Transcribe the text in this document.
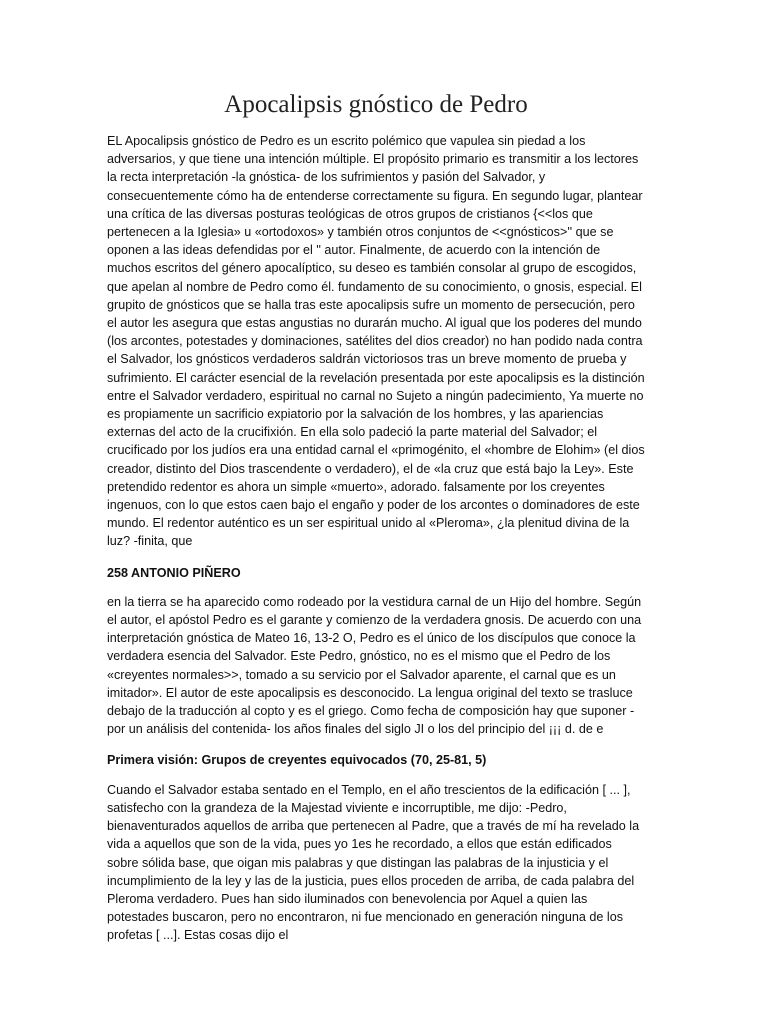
Apocalipsis gnóstico de Pedro

EL Apocalipsis gnóstico de Pedro es un escrito polémico que vapulea sin piedad a los adversarios, y que tiene una intención múltiple. El propósito primario es transmitir a los lectores la recta interpretación -la gnóstica- de los sufrimientos y pasión del Salvador, y consecuentemente cómo ha de entenderse correctamente su figura. En segundo lugar, plantear una crítica de las diversas posturas teológicas de otros grupos de cristianos {<<los que pertenecen a la Iglesia» u «ortodoxos» y también otros conjuntos de <<gnósticos>'' que se oponen a las ideas defendidas por el " autor. Finalmente, de acuerdo con la intención de muchos escritos del género apocalíptico, su deseo es también consolar al grupo de escogidos, que apelan al nombre de Pedro como él. fundamento de su conocimiento, o gnosis, especial. El grupito de gnósticos que se halla tras este apocalipsis sufre un momento de persecución, pero el autor les asegura que estas angustias no durarán mucho. Al igual que los poderes del mundo (los arcontes, potestades y dominaciones, satélites del dios creador) no han podido nada contra el Salvador, los gnósticos verdaderos saldrán victoriosos tras un breve momento de prueba y sufrimiento. El carácter esencial de la revelación presentada por este apocalipsis es la distinción entre el Salvador verdadero, espiritual no carnal no Sujeto a ningún padecimiento, Ya muerte no es propiamente un sacrificio expiatorio por la salvación de los hombres, y las apariencias externas del acto de la crucifixión. En ella solo padeció la parte material del Salvador; el crucificado por los judíos era una entidad carnal el «primogénito, el «hombre de Elohim» (el dios creador, distinto del Dios trascendente o verdadero), el de «la cruz que está bajo la Ley». Este pretendido redentor es ahora un simple «muerto», adorado. falsamente por los creyentes ingenuos, con lo que estos caen bajo el engaño y poder de los arcontes o dominadores de este mundo. El redentor auténtico es un ser espiritual unido al «Pleroma», ¿la plenitud divina de la luz? -finita, que

258 ANTONIO PIÑERO

en la tierra se ha aparecido como rodeado por la vestidura carnal de un Hijo del hombre. Según el autor, el apóstol Pedro es el garante y comienzo de la verdadera gnosis. De acuerdo con una interpretación gnóstica de Mateo 16, 13-2 O, Pedro es el único de los discípulos que conoce la verdadera esencia del Salvador. Este Pedro, gnóstico, no es el mismo que el Pedro de los «creyentes normales>>, tomado a su servicio por el Salvador aparente, el carnal que es un imitador». El autor de este apocalipsis es desconocido. La lengua original del texto se trasluce debajo de la traducción al copto y es el griego. Como fecha de composición hay que suponer -por un análisis del contenida- los años finales del siglo JI o los del principio del ¡¡¡ d. de e

Primera visión: Grupos de creyentes equivocados (70, 25-81, 5)

Cuando el Salvador estaba sentado en el Templo, en el año trescientos de la edificación [ ... ], satisfecho con la grandeza de la Majestad viviente e incorruptible, me dijo: -Pedro, bienaventurados aquellos de arriba que pertenecen al Padre, que a través de mí ha revelado la vida a aquellos que son de la vida, pues yo 1es he recordado, a ellos que están edificados sobre sólida base, que oigan mis palabras y que distingan las palabras de la injusticia y el incumplimiento de la ley y las de la justicia, pues ellos proceden de arriba, de cada palabra del Pleroma verdadero. Pues han sido iluminados con benevolencia por Aquel a quien las potestades buscaron, pero no encontraron, ni fue mencionado en generación ninguna de los profetas [ ...]. Estas cosas dijo el
